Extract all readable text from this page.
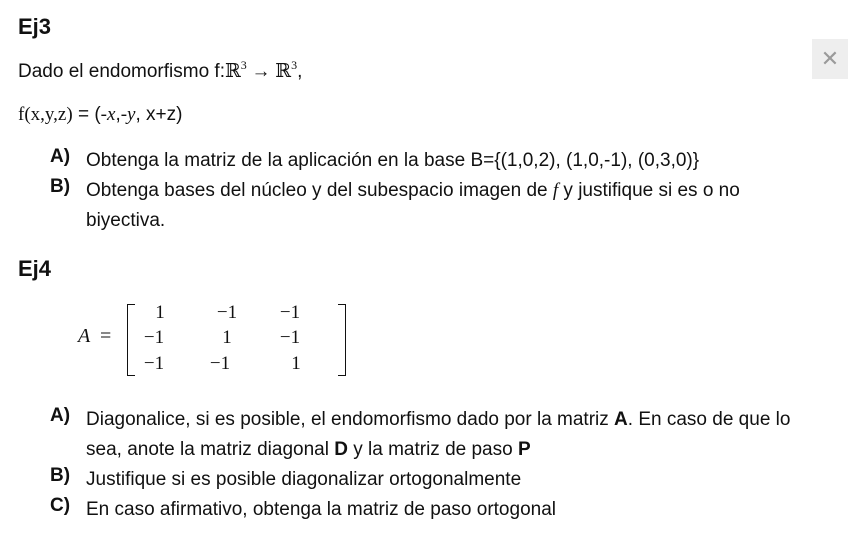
Ej3
Dado el endomorfismo f:ℝ$^3$ → ℝ$^3$,
✕
f(x,y,z) = (-x,-y, x+z)
A) Obtenga la matriz de la aplicación en la base B={(1,0,2), (1,0,-1), (0,3,0)}
B) Obtenga bases del núcleo y del subespacio imagen de f y justifique si es o no biyectiva.
Ej4
A =
1	−1	−1
−1	1	−1
−1	−1	1
A) Diagonalice, si es posible, el endomorfismo dado por la matriz A. En caso de que lo sea, anote la matriz diagonal D y la matriz de paso P
B) Justifique si es posible diagonalizar ortogonalmente
C) En caso afirmativo, obtenga la matriz de paso ortogonal
